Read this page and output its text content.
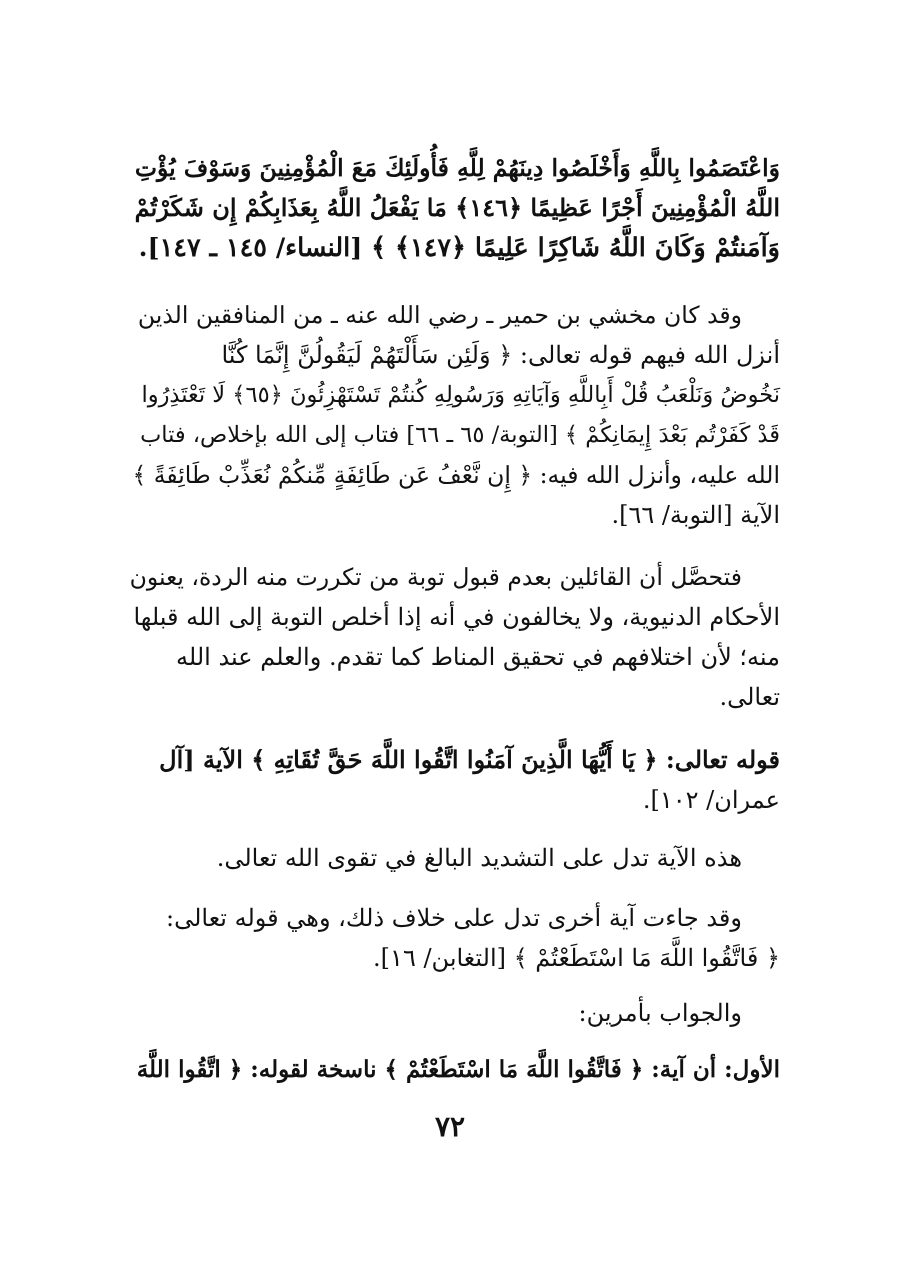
وَاعْتَصَمُوا بِاللَّهِ وَأَخْلَصُوا دِينَهُمْ لِلَّهِ فَأُولَئِكَ مَعَ الْمُؤْمِنِينَ وَسَوْفَ يُؤْتِ
اللَّهُ الْمُؤْمِنِينَ أَجْرًا عَظِيمًا ﴿١٤٦﴾ مَا يَفْعَلُ اللَّهُ بِعَذَابِكُمْ إِن شَكَرْتُمْ
وَآمَنتُمْ وَكَانَ اللَّهُ شَاكِرًا عَلِيمًا ﴿١٤٧﴾ ﴾ [النساء/ ١٤٥ ـ ١٤٧].
وقد كان مخشي بن حمير ـ رضي الله عنه ـ من المنافقين الذين
أنزل الله فيهم قوله تعالى: ﴿ وَلَئِن سَأَلْتَهُمْ لَيَقُولُنَّ إِنَّمَا كُنَّا
نَخُوضُ وَنَلْعَبُ قُلْ أَبِاللَّهِ وَآيَاتِهِ وَرَسُولِهِ كُنتُمْ تَسْتَهْزِئُونَ ﴿٦٥﴾ لَا تَعْتَذِرُوا
قَدْ كَفَرْتُم بَعْدَ إِيمَانِكُمْ ﴾ [التوبة/ ٦٥ ـ ٦٦] فتاب إلى الله بإخلاص، فتاب
الله عليه، وأنزل الله فيه: ﴿ إِن نَّعْفُ عَن طَائِفَةٍ مِّنكُمْ نُعَذِّبْ طَائِفَةً ﴾
الآية [التوبة/ ٦٦].
فتحصَّل أن القائلين بعدم قبول توبة من تكررت منه الردة، يعنون
الأحكام الدنيوية، ولا يخالفون في أنه إذا أخلص التوبة إلى الله قبلها
منه؛ لأن اختلافهم في تحقيق المناط كما تقدم. والعلم عند الله
تعالى.
قوله تعالى: ﴿ يَا أَيُّهَا الَّذِينَ آمَنُوا اتَّقُوا اللَّهَ حَقَّ تُقَاتِهِ ﴾ الآية [آل
عمران/ ١٠٢].
هذه الآية تدل على التشديد البالغ في تقوى الله تعالى.
وقد جاءت آية أخرى تدل على خلاف ذلك، وهي قوله تعالى:
﴿ فَاتَّقُوا اللَّهَ مَا اسْتَطَعْتُمْ ﴾ [التغابن/ ١٦].
والجواب بأمرين:
الأول: أن آية: ﴿ فَاتَّقُوا اللَّهَ مَا اسْتَطَعْتُمْ ﴾ ناسخة لقوله: ﴿ اتَّقُوا اللَّهَ
٧٢
